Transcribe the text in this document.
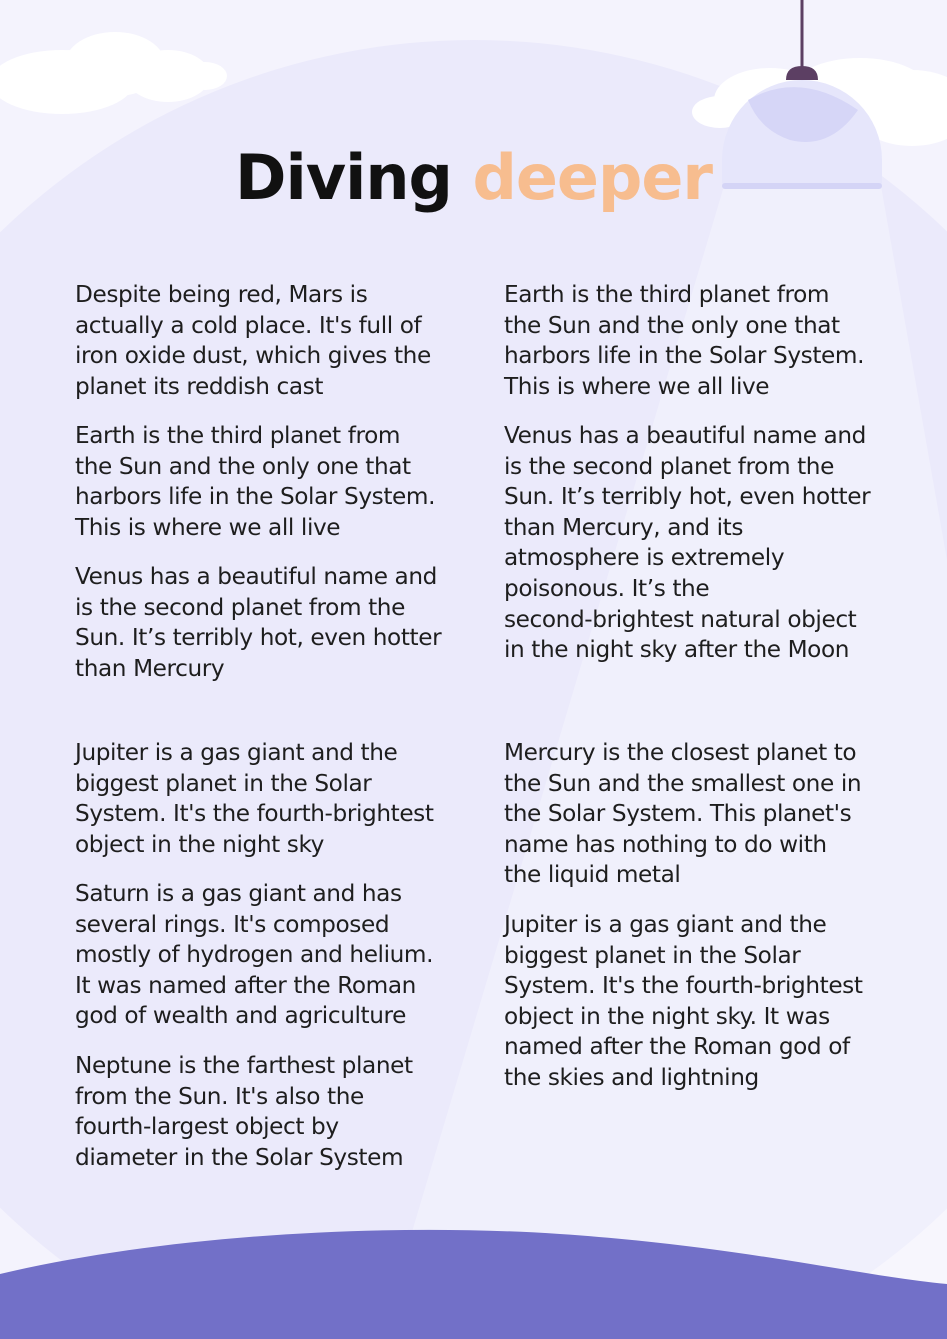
Diving deeper

Despite being red, Mars is
actually a cold place. It's full of
iron oxide dust, which gives the
planet its reddish cast

Earth is the third planet from
the Sun and the only one that
harbors life in the Solar System.
This is where we all live

Venus has a beautiful name and
is the second planet from the
Sun. It’s terribly hot, even hotter
than Mercury

Earth is the third planet from
the Sun and the only one that
harbors life in the Solar System.
This is where we all live

Venus has a beautiful name and
is the second planet from the
Sun. It’s terribly hot, even hotter
than Mercury, and its
atmosphere is extremely
poisonous. It’s the
second-brightest natural object
in the night sky after the Moon

Jupiter is a gas giant and the
biggest planet in the Solar
System. It's the fourth-brightest
object in the night sky

Saturn is a gas giant and has
several rings. It's composed
mostly of hydrogen and helium.
It was named after the Roman
god of wealth and agriculture

Neptune is the farthest planet
from the Sun. It's also the
fourth-largest object by
diameter in the Solar System

Mercury is the closest planet to
the Sun and the smallest one in
the Solar System. This planet's
name has nothing to do with
the liquid metal

Jupiter is a gas giant and the
biggest planet in the Solar
System. It's the fourth-brightest
object in the night sky. It was
named after the Roman god of
the skies and lightning
